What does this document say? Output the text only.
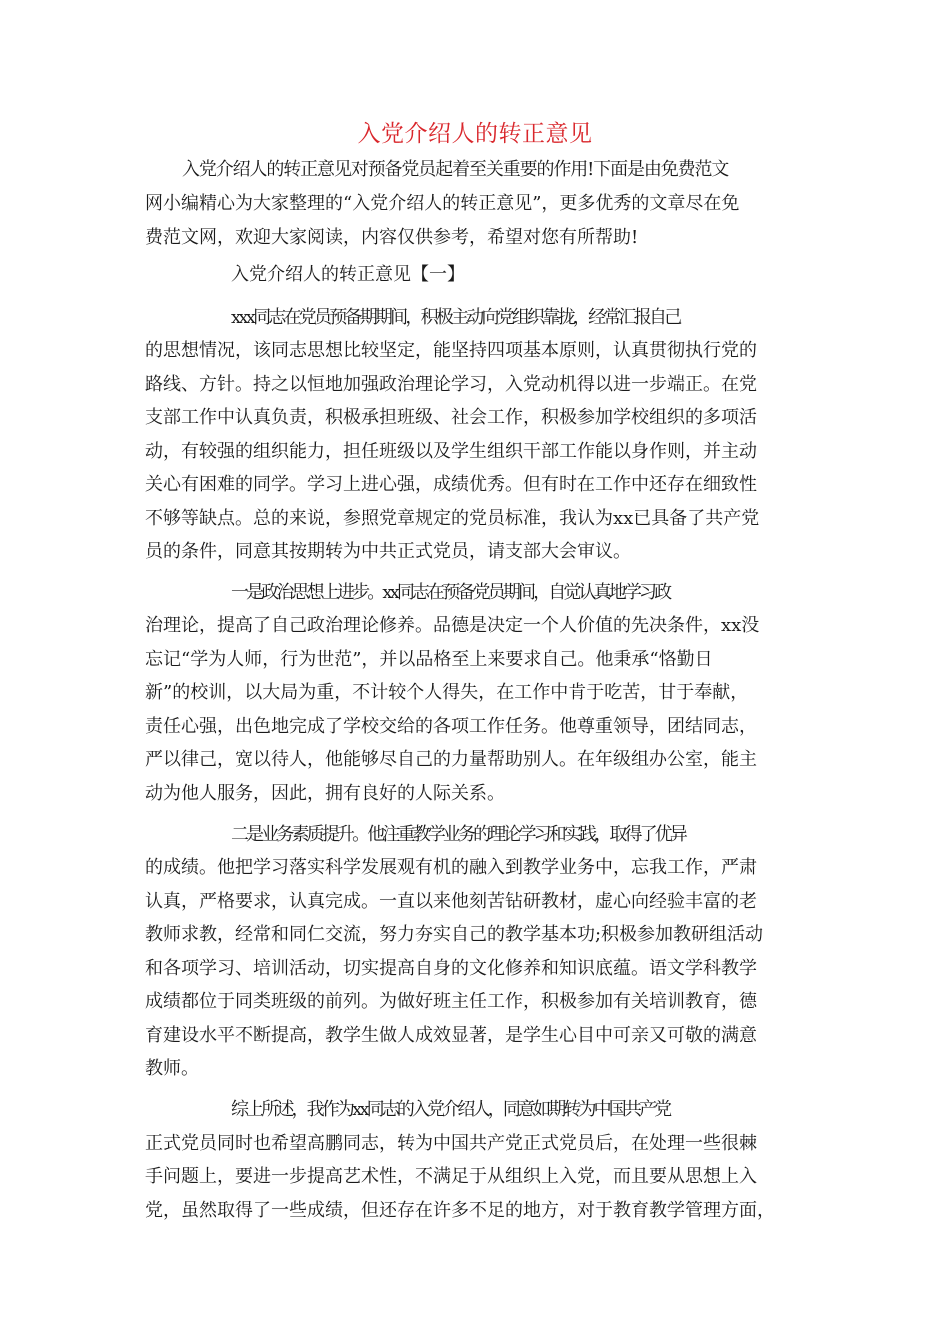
入党介绍人的转正意见
入党介绍人的转正意见对预备党员起着至关重要的作用!下面是由免费范文
网小编精心为大家整理的“入党介绍人的转正意见”，更多优秀的文章尽在免
费范文网，欢迎大家阅读，内容仅供参考，希望对您有所帮助!
入党介绍人的转正意见【一】
xxx同志在党员预备期期间，积极主动向党组织靠拢，经常汇报自己
的思想情况，该同志思想比较坚定，能坚持四项基本原则，认真贯彻执行党的
路线、方针。持之以恒地加强政治理论学习，入党动机得以进一步端正。在党
支部工作中认真负责，积极承担班级、社会工作，积极参加学校组织的多项活
动，有较强的组织能力，担任班级以及学生组织干部工作能以身作则，并主动
关心有困难的同学。学习上进心强，成绩优秀。但有时在工作中还存在细致性
不够等缺点。总的来说，参照党章规定的党员标准，我认为xx已具备了共产党
员的条件，同意其按期转为中共正式党员，请支部大会审议。
一是政治思想上进步。xx同志在预备党员期间，自觉认真地学习政
治理论，提高了自己政治理论修养。品德是决定一个人价值的先决条件，xx没
忘记“学为人师，行为世范”，并以品格至上来要求自己。他秉承“恪勤日
新”的校训，以大局为重，不计较个人得失，在工作中肯于吃苦，甘于奉献，
责任心强，出色地完成了学校交给的各项工作任务。他尊重领导，团结同志，
严以律己，宽以待人，他能够尽自己的力量帮助别人。在年级组办公室，能主
动为他人服务，因此，拥有良好的人际关系。
二是业务素质提升。他注重教学业务的理论学习和实践，取得了优异
的成绩。他把学习落实科学发展观有机的融入到教学业务中，忘我工作，严肃
认真，严格要求，认真完成。一直以来他刻苦钻研教材，虚心向经验丰富的老
教师求教，经常和同仁交流，努力夯实自己的教学基本功;积极参加教研组活动
和各项学习、培训活动，切实提高自身的文化修养和知识底蕴。语文学科教学
成绩都位于同类班级的前列。为做好班主任工作，积极参加有关培训教育，德
育建设水平不断提高，教学生做人成效显著，是学生心目中可亲又可敬的满意
教师。
综上所述，我作为xx同志的入党介绍人，同意如期转为中国共产党
正式党员同时也希望高鹏同志，转为中国共产党正式党员后，在处理一些很棘
手问题上，要进一步提高艺术性，不满足于从组织上入党，而且要从思想上入
党，虽然取得了一些成绩，但还存在许多不足的地方，对于教育教学管理方面，
